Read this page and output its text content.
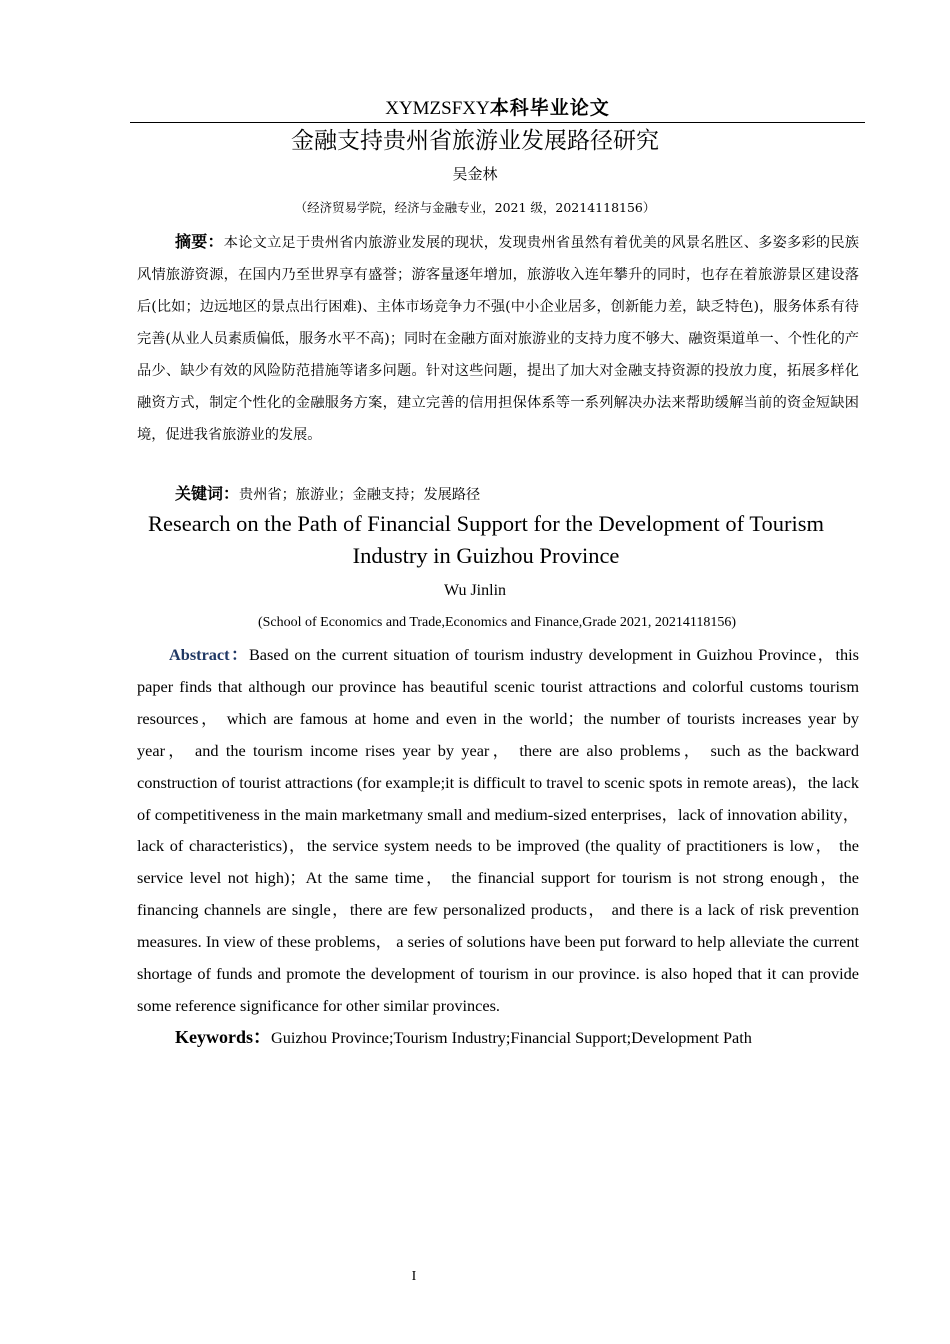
XYMZSFXY本科毕业论文
金融支持贵州省旅游业发展路径研究
吴金林
（经济贸易学院，经济与金融专业，2021 级，20214118156）

摘要：本论文立足于贵州省内旅游业发展的现状，发现贵州省虽然有着优美的风景名胜区、多姿多彩的民族风情旅游资源，在国内乃至世界享有盛誉；游客量逐年增加，旅游收入连年攀升的同时，也存在着旅游景区建设落后(比如；边远地区的景点出行困难)、主体市场竞争力不强(中小企业居多，创新能力差，缺乏特色)，服务体系有待完善(从业人员素质偏低，服务水平不高)；同时在金融方面对旅游业的支持力度不够大、融资渠道单一、个性化的产品少、缺少有效的风险防范措施等诸多问题。针对这些问题，提出了加大对金融支持资源的投放力度，拓展多样化融资方式，制定个性化的金融服务方案，建立完善的信用担保体系等一系列解决办法来帮助缓解当前的资金短缺困境，促进我省旅游业的发展。

关键词：贵州省；旅游业；金融支持；发展路径

Research on the Path of Financial Support for the Development of Tourism Industry in Guizhou Province

Wu Jinlin
(School of Economics and Trade,Economics and Finance,Grade 2021, 20214118156)

Abstract：Based on the current situation of tourism industry development in Guizhou Province，this paper finds that although our province has beautiful scenic tourist attractions and colorful customs tourism resources， which are famous at home and even in the world；the number of tourists increases year by year， and the tourism income rises year by year， there are also problems， such as the backward construction of tourist attractions (for example;it is difficult to travel to scenic spots in remote areas)，the lack of competitiveness in the main marketmany small and medium-sized enterprises，lack of innovation ability，lack of characteristics)，the service system needs to be improved (the quality of practitioners is low， the service level not high)；At the same time， the financial support for tourism is not strong enough，the financing channels are single，there are few personalized products， and there is a lack of risk prevention measures. In view of these problems， a series of solutions have been put forward to help alleviate the current shortage of funds and promote the development of tourism in our province. is also hoped that it can provide some reference significance for other similar provinces.

Keywords：Guizhou Province;Tourism Industry;Financial Support;Development Path

I
